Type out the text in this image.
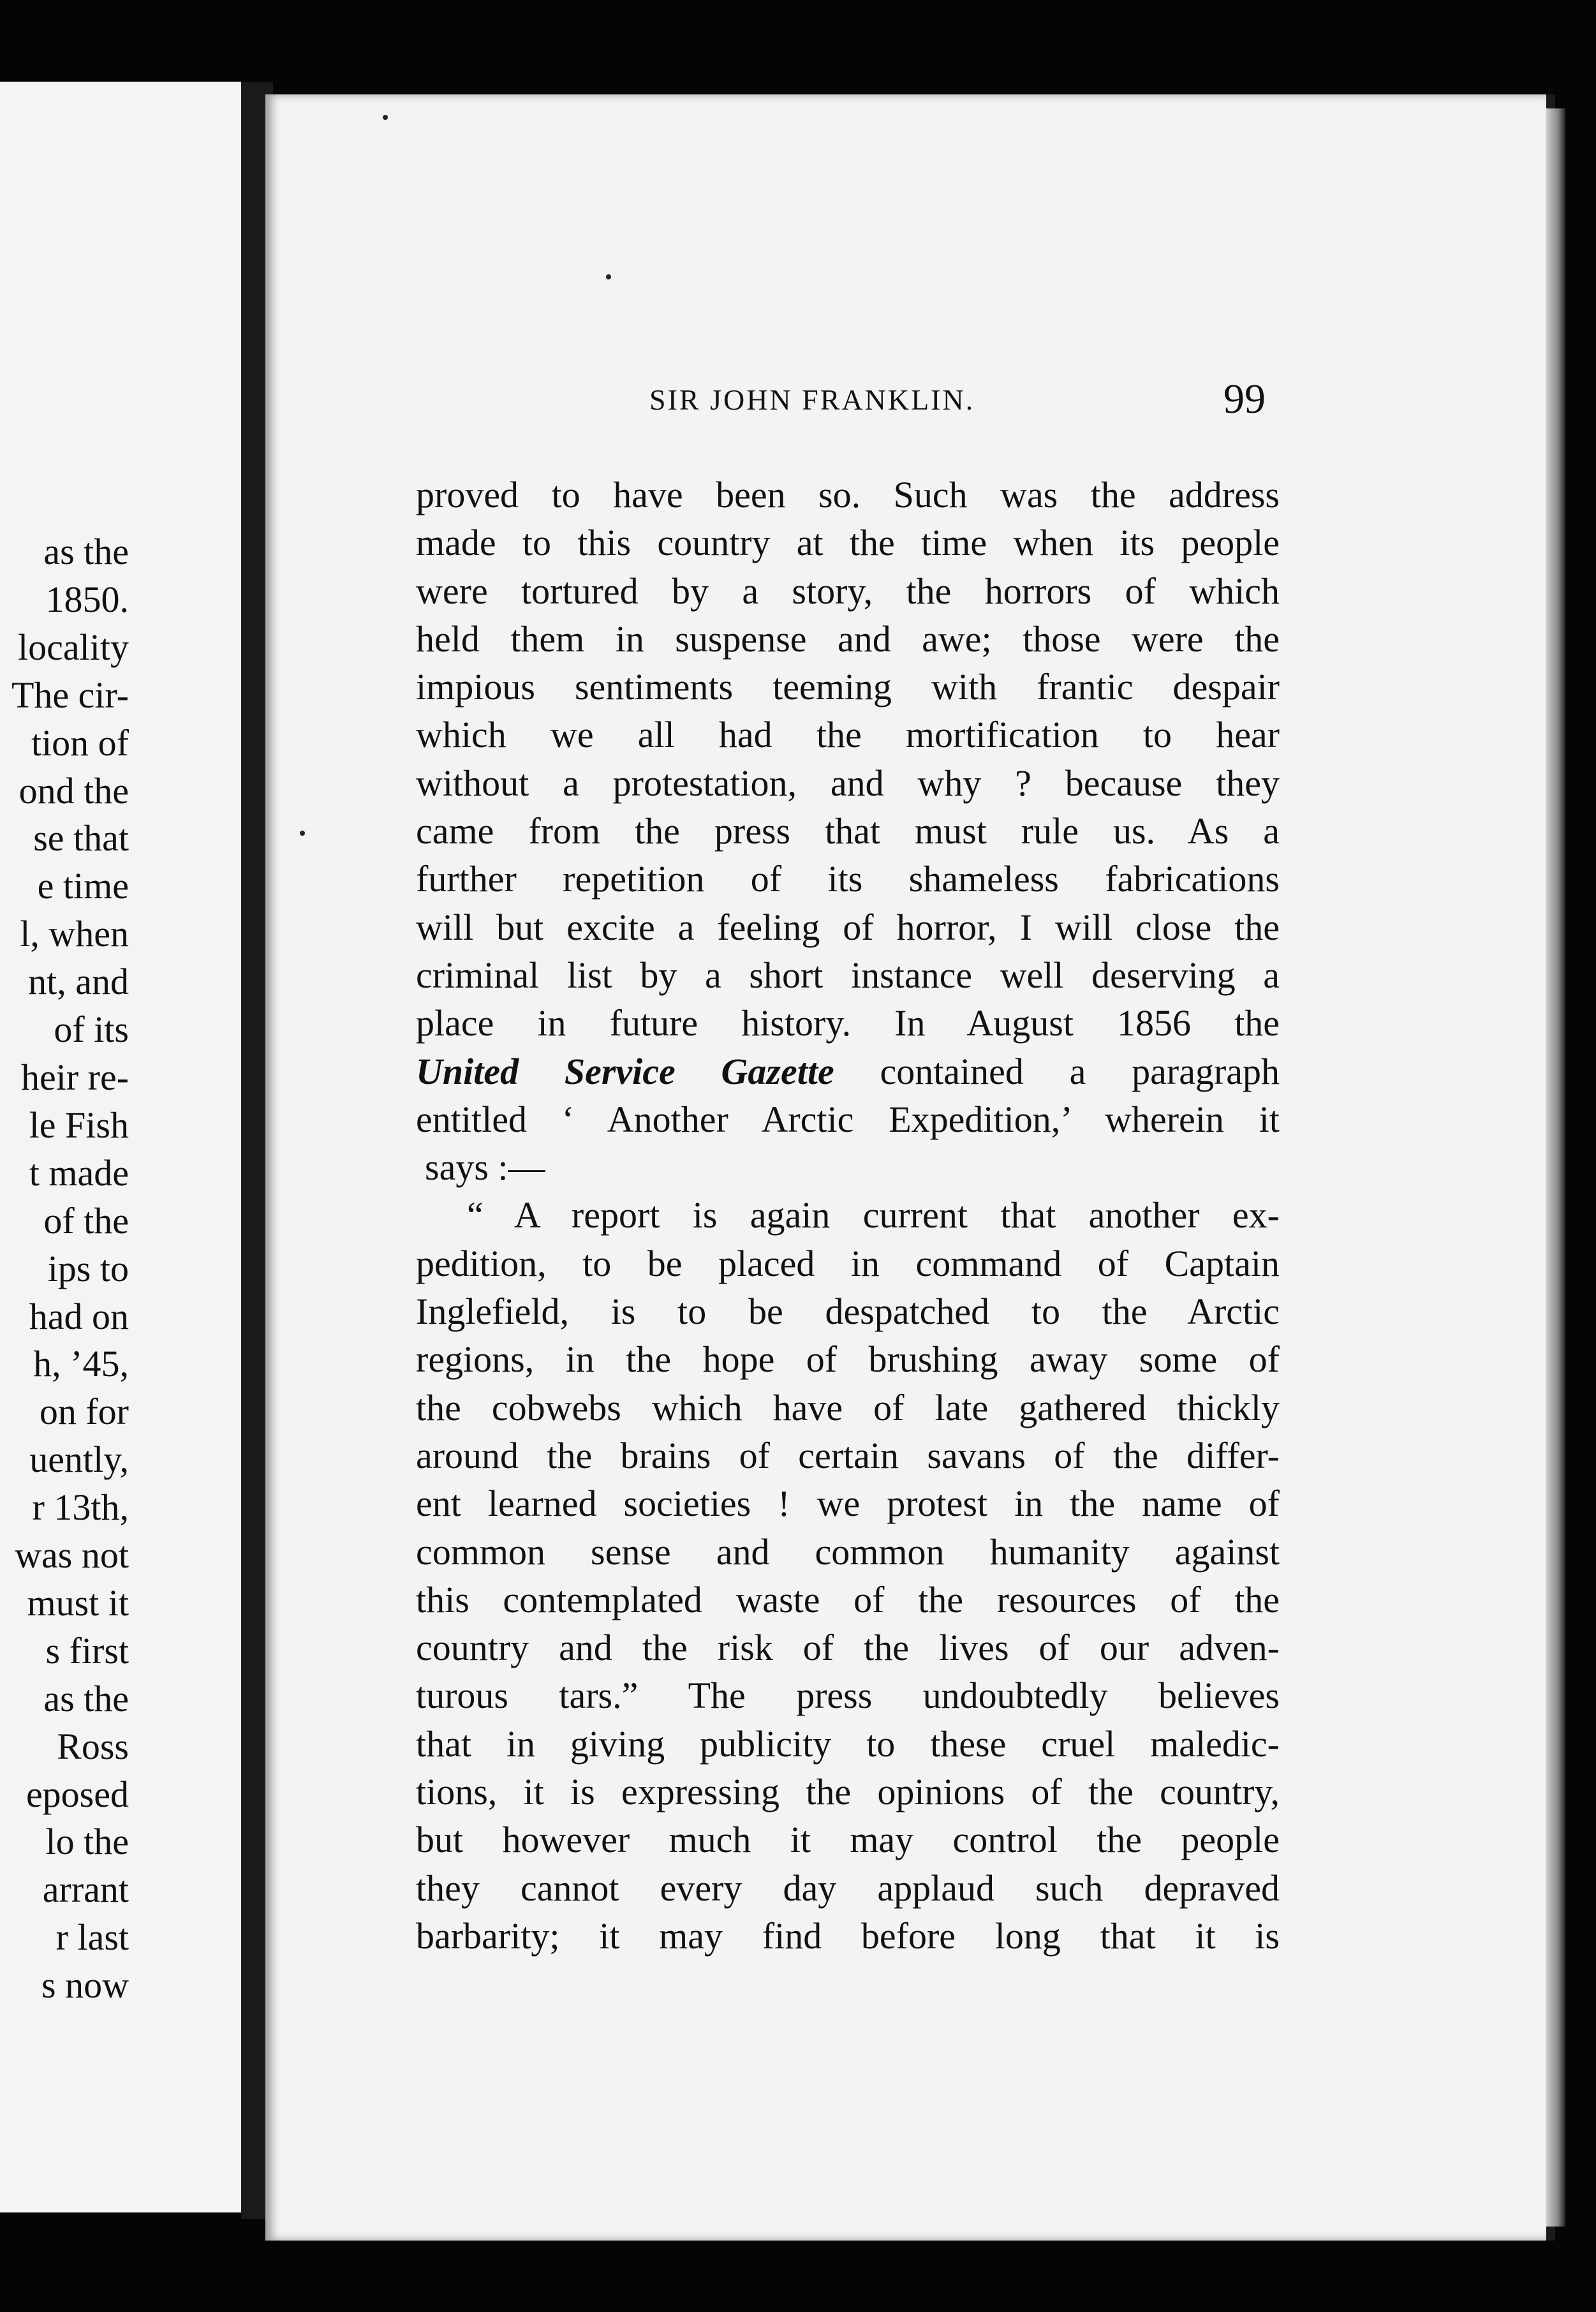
as the
1850.
locality
The cir-
tion of
ond the
se that
e time
l, when
nt, and
of its
heir re-
le Fish
t made
of the
ips to
had on
h, ’45,
on for
uently,
r 13th,
was not
must it
s first
as the
Ross
eposed
lo the
arrant
r last
s now
SIR JOHN FRANKLIN.	99
proved to have been so. Such was the address
made to this country at the time when its people
were tortured by a story, the horrors of which
held them in suspense and awe; those were the
impious sentiments teeming with frantic despair
which we all had the mortification to hear
without a protestation, and why ? because they
came from the press that must rule us. As a
further repetition of its shameless fabrications
will but excite a feeling of horror, I will close the
criminal list by a short instance well deserving a
place in future history. In August 1856 the
United Service Gazette contained a paragraph
entitled ‘ Another Arctic Expedition,’ wherein it
says :—
“ A report is again current that another ex-
pedition, to be placed in command of Captain
Inglefield, is to be despatched to the Arctic
regions, in the hope of brushing away some of
the cobwebs which have of late gathered thickly
around the brains of certain savans of the differ-
ent learned societies ! we protest in the name of
common sense and common humanity against
this contemplated waste of the resources of the
country and the risk of the lives of our adven-
turous tars.” The press undoubtedly believes
that in giving publicity to these cruel maledic-
tions, it is expressing the opinions of the country,
but however much it may control the people
they cannot every day applaud such depraved
barbarity; it may find before long that it is
